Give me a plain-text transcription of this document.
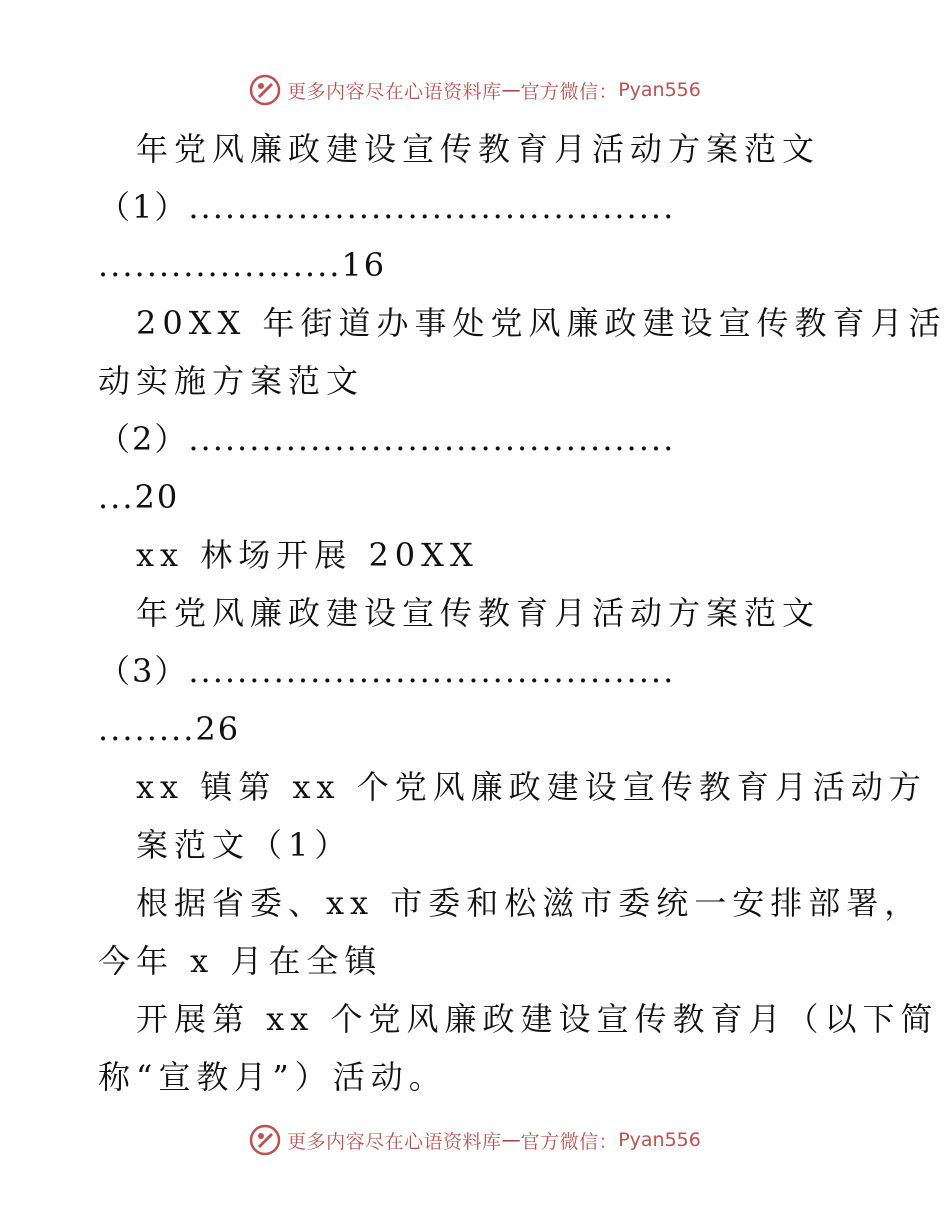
更多内容尽在心语资料库 — 官方微信： Pyan556
年党风廉政建设宣传教育月活动方案范文
（1）........................................
....................16
20XX 年街道办事处党风廉政建设宣传教育月活
动实施方案范文
（2）........................................
...20
xx 林场开展 20XX
年党风廉政建设宣传教育月活动方案范文
（3）........................................
........26
xx 镇第 xx 个党风廉政建设宣传教育月活动方
案范文（1）
根据省委、xx 市委和松滋市委统一安排部署，
今年 x 月在全镇
开展第 xx 个党风廉政建设宣传教育月（以下简
称“宣教月”）活动。
更多内容尽在心语资料库 — 官方微信： Pyan556
